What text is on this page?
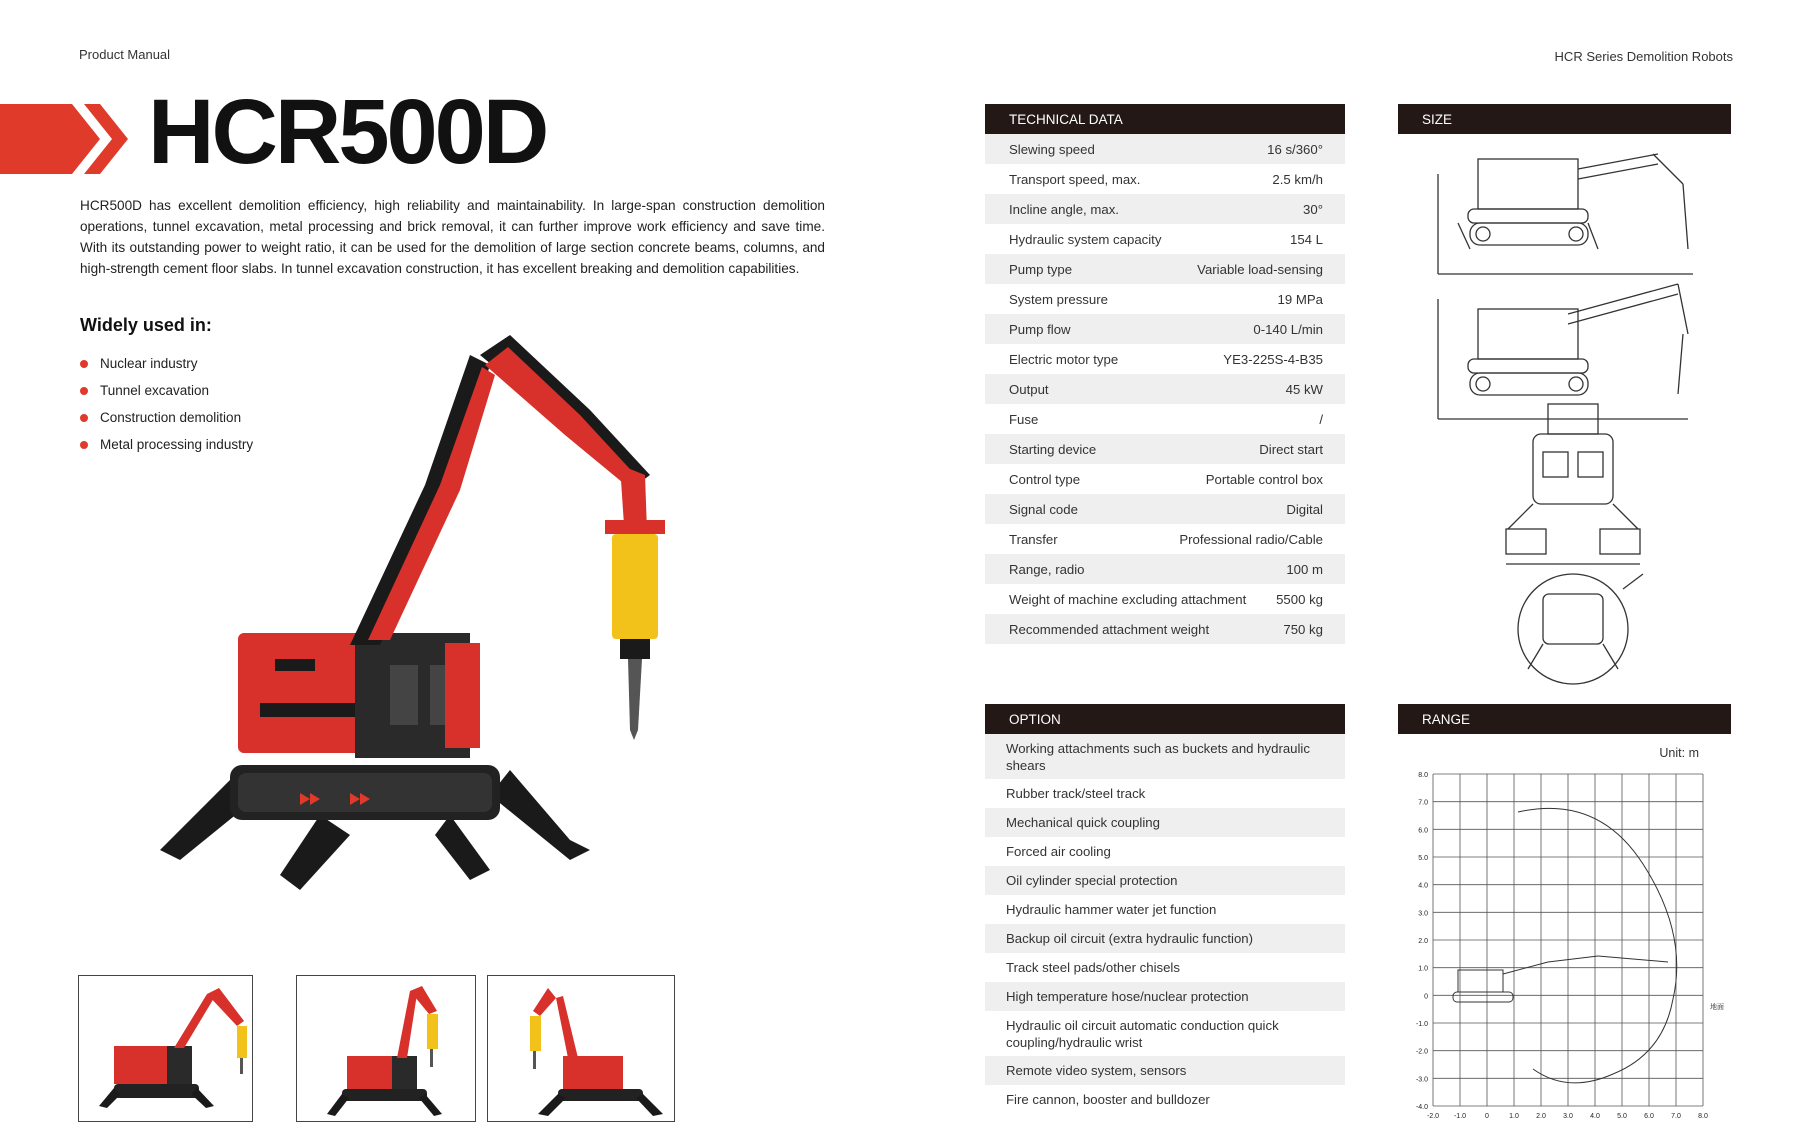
Product Manual	HCR Series Demolition Robots
HCR500D
HCR500D has excellent demolition efficiency, high reliability and maintainability. In large-span construction demolition operations, tunnel excavation, metal processing and brick removal, it can further improve work efficiency and save time. With its outstanding power to weight ratio, it can be used for the demolition of large section concrete beams, columns, and high-strength cement floor slabs. In tunnel excavation construction, it has excellent breaking and demolition capabilities.
Widely used in:
Nuclear industry
Tunnel excavation
Construction demolition
Metal processing industry
TECHNICAL DATA
Slewing speed	16 s/360°
Transport speed, max.	2.5 km/h
Incline angle, max.	30°
Hydraulic system capacity	154 L
Pump type	Variable load-sensing
System pressure	19 MPa
Pump flow	0-140 L/min
Electric motor type	YE3-225S-4-B35
Output	45 kW
Fuse	/
Starting device	Direct start
Control type	Portable control box
Signal code	Digital
Transfer	Professional radio/Cable
Range, radio	100 m
Weight of machine excluding attachment 5500 kg
Recommended attachment weight	750 kg
OPTION
Working attachments such as buckets and hydraulic shears
Rubber track/steel track
Mechanical quick coupling
Forced air cooling
Oil cylinder special protection
Hydraulic hammer water jet function
Backup oil circuit (extra hydraulic function)
Track steel pads/other chisels
High temperature hose/nuclear protection
Hydraulic oil circuit automatic conduction quick coupling/hydraulic wrist
Remote video system, sensors
Fire cannon, booster and bulldozer
SIZE
RANGE
Unit: m
8.0
7.0
6.0
5.0
4.0
3.0
2.0
1.0
0
-1.0
-2.0
-3.0
-4.0
-2.0 -1.0	0	1.0 2.0 3.0 4.0 5.0 6.0 7.0 8.0
地面
